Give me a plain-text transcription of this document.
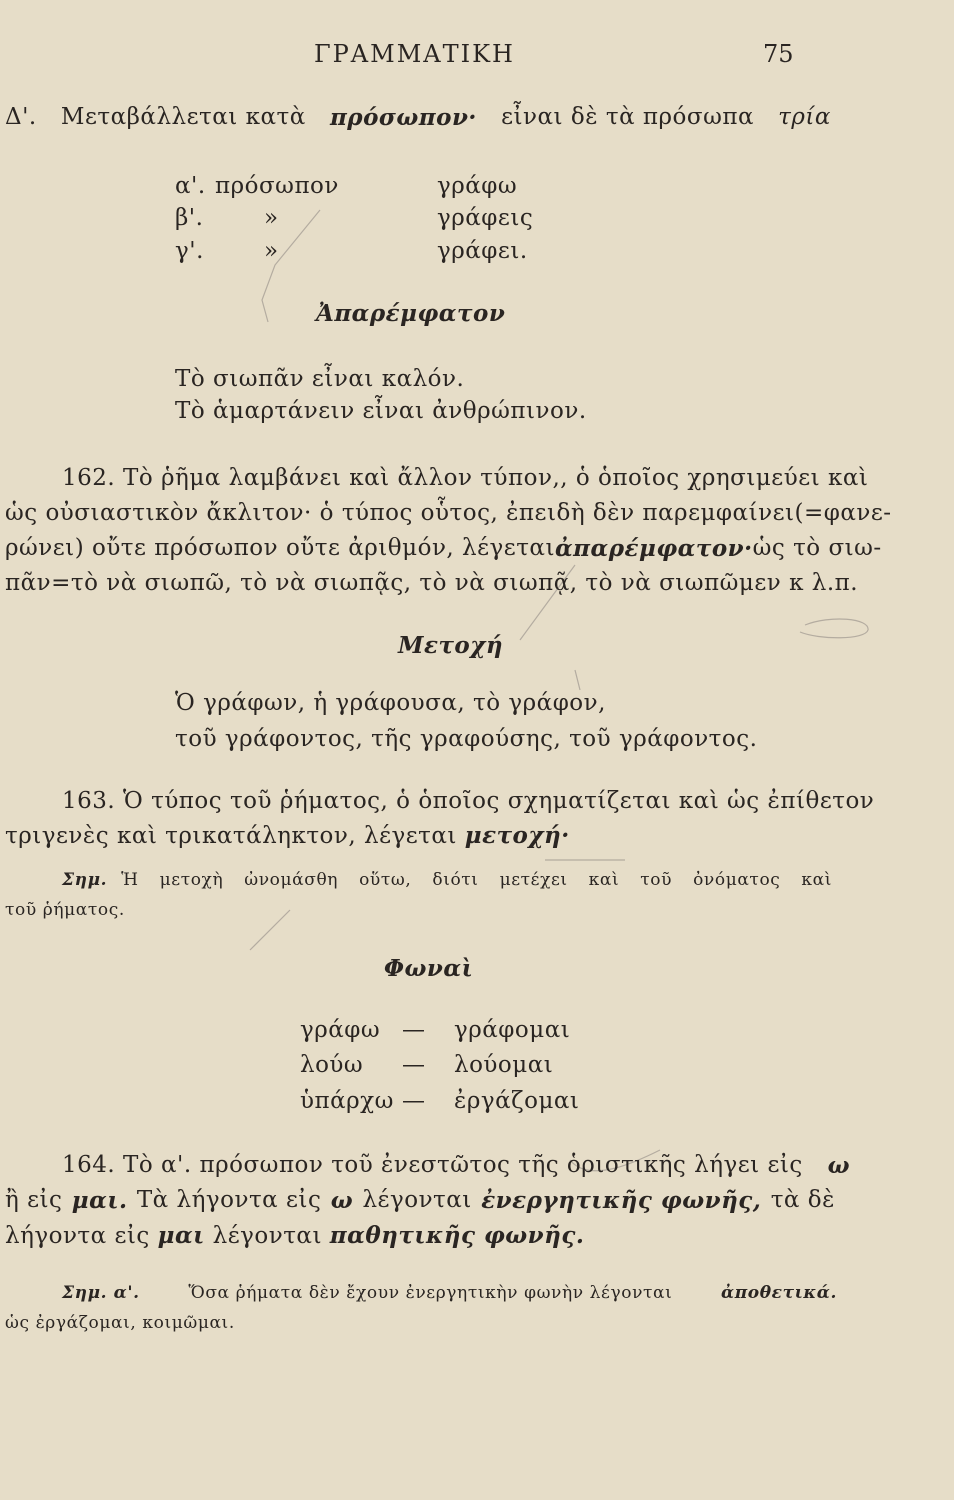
ΓΡΑΜΜΑΤΙΚΗ	75
Δ'. Μεταβάλλεται κατὰ πρόσωπον· εἶναι δὲ τὰ πρόσωπα τρία
α'. πρόσωπον	γράφω
β'.	»	γράφεις
γ'.	»	γράφει.
Ἀπαρέμφατον
Τὸ σιωπᾶν εἶναι καλόν.
Τὸ ἁμαρτάνειν εἶναι ἀνθρώπινον.
162. Τὸ ῥῆμα λαμβάνει καὶ ἄλλον τύπον,, ὁ ὁποῖος χρησιμεύει καὶ
ὡς οὐσιαστικὸν ἄκλιτον· ὁ τύπος οὗτος, ἐπειδὴ δὲν παρεμφαίνει(=φανε-
ρώνει) οὔτε πρόσωπον οὔτε ἀριθμόν, λέγεται ἀπαρέμφατον· ὡς τὸ σιω-
πᾶν=τὸ νὰ σιωπῶ, τὸ νὰ σιωπᾷς, τὸ νὰ σιωπᾷ, τὸ νὰ σιωπῶμεν κ λ.π.
Μετοχή
Ὁ γράφων, ἡ γράφουσα, τὸ γράφον,
τοῦ γράφοντος, τῆς γραφούσης, τοῦ γράφοντος.
163. Ὁ τύπος τοῦ ῥήματος, ὁ ὁποῖος σχηματίζεται καὶ ὡς ἐπίθετον
τριγενὲς καὶ τρικατάληκτον, λέγεται μετοχή·
Σημ. Ἡ μετοχὴ ὠνομάσθη οὕτω, διότι μετέχει καὶ τοῦ ὀνόματος καὶ
τοῦ ῥήματος.
Φωναὶ
γράφω — γράφομαι
λούω — λούομαι
ὑπάρχω — ἐργάζομαι
164. Τὸ α'. πρόσωπον τοῦ ἐνεστῶτος τῆς ὁριστικῆς λήγει εἰς ω
ἢ εἰς μαι. Τὰ λήγοντα εἰς ω λέγονται ἐνεργητικῆς φωνῆς, τὰ δὲ
λήγοντα εἰς μαι λέγονται παθητικῆς φωνῆς.
Σημ. α'.	Ὅσα ῥήματα δὲν ἔχουν ἐνεργητικὴν φωνὴν λέγονται	ἀποθετικά.
ὡς ἐργάζομαι, κοιμῶμαι.
